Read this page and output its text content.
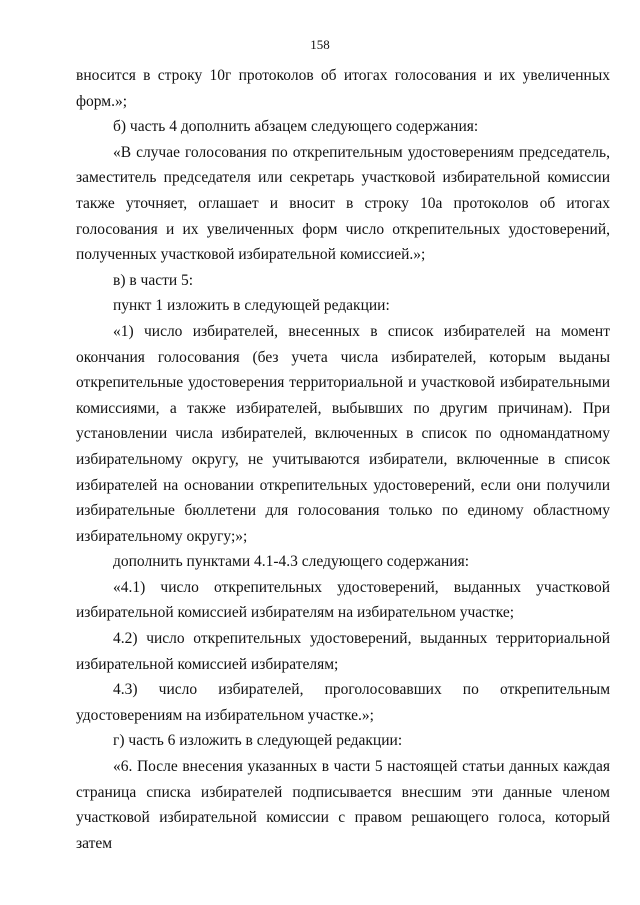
158

вносится в строку 10г протоколов об итогах голосования и их увеличенных форм.»;

б) часть 4 дополнить абзацем следующего содержания:

«В случае голосования по открепительным удостоверениям председатель, заместитель председателя или секретарь участковой избирательной комиссии также уточняет, оглашает и вносит в строку 10а протоколов об итогах голосования и их увеличенных форм число открепительных удостоверений, полученных участковой избирательной комиссией.»;

в) в части 5:

пункт 1 изложить в следующей редакции:

«1) число избирателей, внесенных в список избирателей на момент окончания голосования (без учета числа избирателей, которым выданы открепительные удостоверения территориальной и участковой избирательными комиссиями, а также избирателей, выбывших по другим причинам). При установлении числа избирателей, включенных в список по одномандатному избирательному округу, не учитываются избиратели, включенные в список избирателей на основании открепительных удостоверений, если они получили избирательные бюллетени для голосования только по единому областному избирательному округу;»;

дополнить пунктами 4.1-4.3 следующего содержания:

«4.1) число открепительных удостоверений, выданных участковой избирательной комиссией избирателям на избирательном участке;

4.2) число открепительных удостоверений, выданных территориальной избирательной комиссией избирателям;

4.3) число избирателей, проголосовавших по открепительным удостоверениям на избирательном участке.»;

г) часть 6 изложить в следующей редакции:

«6. После внесения указанных в части 5 настоящей статьи данных каждая страница списка избирателей подписывается внесшим эти данные членом участковой избирательной комиссии с правом решающего голоса, который затем
